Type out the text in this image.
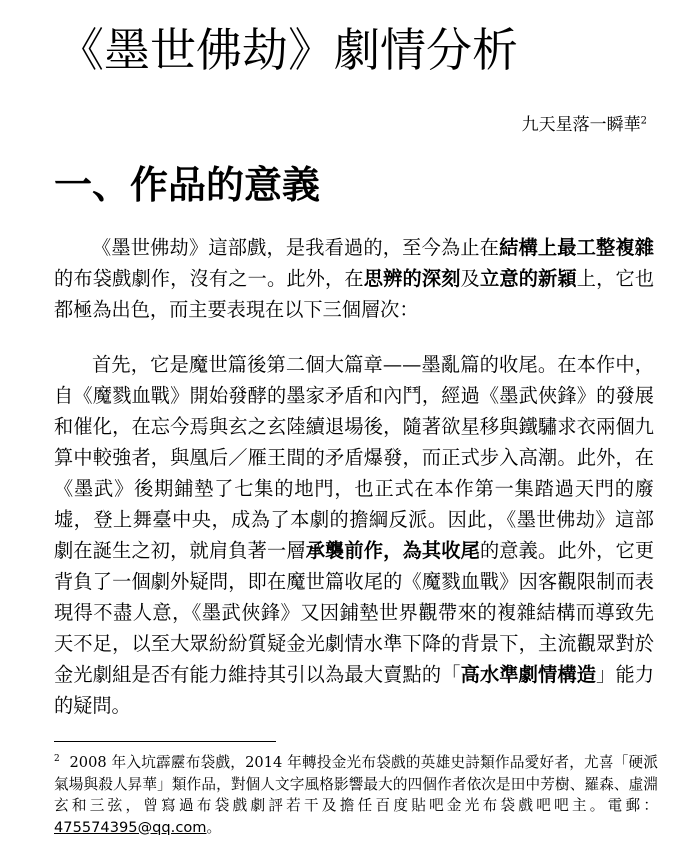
《墨世佛劫》劇情分析
九天星落一瞬華$^2$
一、作品的意義

《墨世佛劫》這部戲，是我看過的，至今為止在結構上最工整複雜的布袋戲劇作，沒有之一。此外，在思辨的深刻及立意的新穎上，它也都極為出色，而主要表現在以下三個層次：

首先，它是魔世篇後第二個大篇章——墨亂篇的收尾。在本作中，自《魔戮血戰》開始發酵的墨家矛盾和內鬥，經過《墨武俠鋒》的發展和催化，在忘今焉與玄之玄陸續退場後，隨著欲星移與鐵驌求衣兩個九算中較強者，與凰后／雁王間的矛盾爆發，而正式步入高潮。此外，在《墨武》後期鋪墊了七集的地門，也正式在本作第一集踏過天門的廢墟，登上舞臺中央，成為了本劇的擔綱反派。因此，《墨世佛劫》這部劇在誕生之初，就肩負著一層承襲前作，為其收尾的意義。此外，它更背負了一個劇外疑問，即在魔世篇收尾的《魔戮血戰》因客觀限制而表現得不盡人意，《墨武俠鋒》又因鋪墊世界觀帶來的複雜結構而導致先天不足，以至大眾紛紛質疑金光劇情水準下降的背景下，主流觀眾對於金光劇組是否有能力維持其引以為最大賣點的「高水準劇情構造」能力的疑問。

$^2$ 2008 年入坑霹靂布袋戲，2014 年轉投金光布袋戲的英雄史詩類作品愛好者，尤喜「硬派氣場與殺人昇華」類作品，對個人文字風格影響最大的四個作者依次是田中芳樹、羅森、虛淵玄和三弦，曾寫過布袋戲劇評若干及擔任百度貼吧金光布袋戲吧吧主。電郵：475574395@qq.com。
